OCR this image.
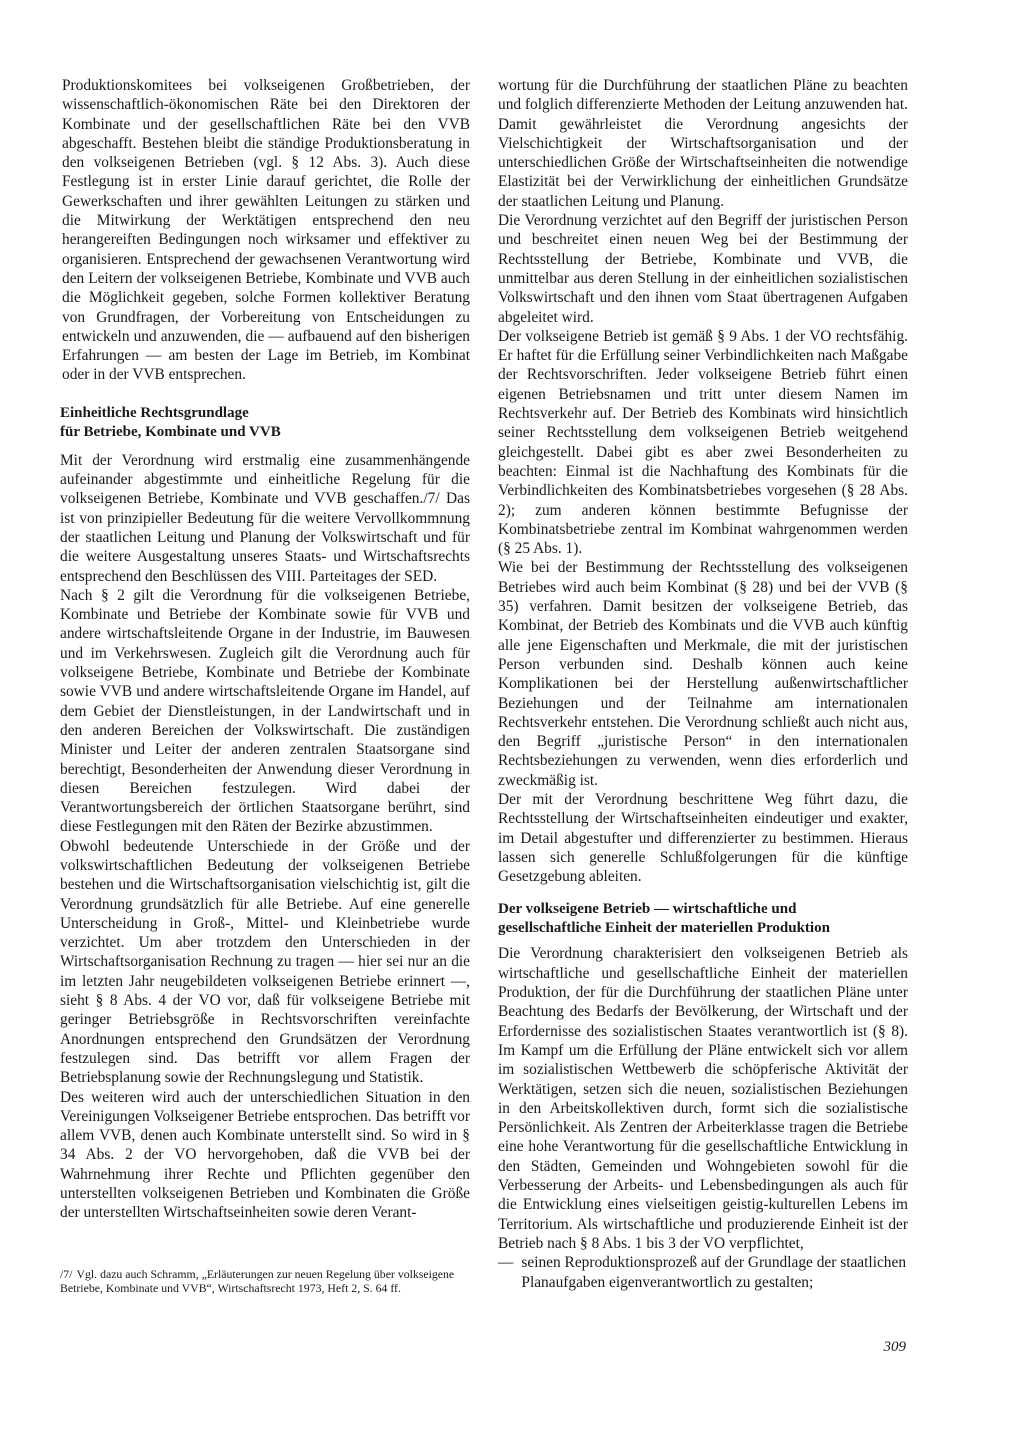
Produktionskomitees bei volkseigenen Großbetrieben, der wissenschaftlich-ökonomischen Räte bei den Direktoren der Kombinate und der gesellschaftlichen Räte bei den VVB abgeschafft. Bestehen bleibt die ständige Produktionsberatung in den volkseigenen Betrieben (vgl. § 12 Abs. 3). Auch diese Festlegung ist in erster Linie darauf gerichtet, die Rolle der Gewerkschaften und ihrer gewählten Leitungen zu stärken und die Mitwirkung der Werktätigen entsprechend den neu herangereiften Bedingungen noch wirksamer und effektiver zu organisieren. Entsprechend der gewachsenen Verantwortung wird den Leitern der volkseigenen Betriebe, Kombinate und VVB auch die Möglichkeit gegeben, solche Formen kollektiver Beratung von Grundfragen, der Vorbereitung von Entscheidungen zu entwickeln und anzuwenden, die — aufbauend auf den bisherigen Erfahrungen — am besten der Lage im Betrieb, im Kombinat oder in der VVB entsprechen.

Einheitliche Rechtsgrundlage

für Betriebe, Kombinate und VVB

Mit der Verordnung wird erstmalig eine zusammenhängende aufeinander abgestimmte und einheitliche Regelung für die volkseigenen Betriebe, Kombinate und VVB geschaffen./7/ Das ist von prinzipieller Bedeutung für die weitere Vervollkommnung der staatlichen Leitung und Planung der Volkswirtschaft und für die weitere Ausgestaltung unseres Staats- und Wirtschaftsrechts entsprechend den Beschlüssen des VIII. Parteitages der SED.

Nach § 2 gilt die Verordnung für die volkseigenen Betriebe, Kombinate und Betriebe der Kombinate sowie für VVB und andere wirtschaftsleitende Organe in der Industrie, im Bauwesen und im Verkehrswesen. Zugleich gilt die Verordnung auch für volkseigene Betriebe, Kombinate und Betriebe der Kombinate sowie VVB und andere wirtschaftsleitende Organe im Handel, auf dem Gebiet der Dienstleistungen, in der Landwirtschaft und in den anderen Bereichen der Volkswirtschaft. Die zuständigen Minister und Leiter der anderen zentralen Staatsorgane sind berechtigt, Besonderheiten der Anwendung dieser Verordnung in diesen Bereichen festzulegen. Wird dabei der Verantwortungsbereich der örtlichen Staatsorgane berührt, sind diese Festlegungen mit den Räten der Bezirke abzustimmen.

Obwohl bedeutende Unterschiede in der Größe und der volkswirtschaftlichen Bedeutung der volkseigenen Betriebe bestehen und die Wirtschaftsorganisation vielschichtig ist, gilt die Verordnung grundsätzlich für alle Betriebe. Auf eine generelle Unterscheidung in Groß-, Mittel- und Kleinbetriebe wurde verzichtet. Um aber trotzdem den Unterschieden in der Wirtschaftsorganisation Rechnung zu tragen — hier sei nur an die im letzten Jahr neugebildeten volkseigenen Betriebe erinnert —, sieht § 8 Abs. 4 der VO vor, daß für volkseigene Betriebe mit geringer Betriebsgröße in Rechtsvorschriften vereinfachte Anordnungen entsprechend den Grundsätzen der Verordnung festzulegen sind. Das betrifft vor allem Fragen der Betriebsplanung sowie der Rechnungslegung und Statistik.

Des weiteren wird auch der unterschiedlichen Situation in den Vereinigungen Volkseigener Betriebe entsprochen. Das betrifft vor allem VVB, denen auch Kombinate unterstellt sind. So wird in § 34 Abs. 2 der VO hervorgehoben, daß die VVB bei der Wahrnehmung ihrer Rechte und Pflichten gegenüber den unterstellten volkseigenen Betrieben und Kombinaten die Größe der unterstellten Wirtschaftseinheiten sowie deren Verant-

/7/ Vgl. dazu auch Schramm, „Erläuterungen zur neuen Regelung über volkseigene Betriebe, Kombinate und VVB“, Wirtschaftsrecht 1973, Heft 2, S. 64 ff.

wortung für die Durchführung der staatlichen Pläne zu beachten und folglich differenzierte Methoden der Leitung anzuwenden hat. Damit gewährleistet die Verordnung angesichts der Vielschichtigkeit der Wirtschaftsorganisation und der unterschiedlichen Größe der Wirtschaftseinheiten die notwendige Elastizität bei der Verwirklichung der einheitlichen Grundsätze der staatlichen Leitung und Planung.

Die Verordnung verzichtet auf den Begriff der juristischen Person und beschreitet einen neuen Weg bei der Bestimmung der Rechtsstellung der Betriebe, Kombinate und VVB, die unmittelbar aus deren Stellung in der einheitlichen sozialistischen Volkswirtschaft und den ihnen vom Staat übertragenen Aufgaben abgeleitet wird.

Der volkseigene Betrieb ist gemäß § 9 Abs. 1 der VO rechtsfähig. Er haftet für die Erfüllung seiner Verbindlichkeiten nach Maßgabe der Rechtsvorschriften. Jeder volkseigene Betrieb führt einen eigenen Betriebsnamen und tritt unter diesem Namen im Rechtsverkehr auf. Der Betrieb des Kombinats wird hinsichtlich seiner Rechtsstellung dem volkseigenen Betrieb weitgehend gleichgestellt. Dabei gibt es aber zwei Besonderheiten zu beachten: Einmal ist die Nachhaftung des Kombinats für die Verbindlichkeiten des Kombinatsbetriebes vorgesehen (§ 28 Abs. 2); zum anderen können bestimmte Befugnisse der Kombinatsbetriebe zentral im Kombinat wahrgenommen werden (§ 25 Abs. 1).

Wie bei der Bestimmung der Rechtsstellung des volkseigenen Betriebes wird auch beim Kombinat (§ 28) und bei der VVB (§ 35) verfahren. Damit besitzen der volkseigene Betrieb, das Kombinat, der Betrieb des Kombinats und die VVB auch künftig alle jene Eigenschaften und Merkmale, die mit der juristischen Person verbunden sind. Deshalb können auch keine Komplikationen bei der Herstellung außenwirtschaftlicher Beziehungen und der Teilnahme am internationalen Rechtsverkehr entstehen. Die Verordnung schließt auch nicht aus, den Begriff „juristische Person“ in den internationalen Rechtsbeziehungen zu verwenden, wenn dies erforderlich und zweckmäßig ist.

Der mit der Verordnung beschrittene Weg führt dazu, die Rechtsstellung der Wirtschaftseinheiten eindeutiger und exakter, im Detail abgestufter und differenzierter zu bestimmen. Hieraus lassen sich generelle Schlußfolgerungen für die künftige Gesetzgebung ableiten.

Der volkseigene Betrieb — wirtschaftliche und

gesellschaftliche Einheit der materiellen Produktion

Die Verordnung charakterisiert den volkseigenen Betrieb als wirtschaftliche und gesellschaftliche Einheit der materiellen Produktion, der für die Durchführung der staatlichen Pläne unter Beachtung des Bedarfs der Bevölkerung, der Wirtschaft und der Erfordernisse des sozialistischen Staates verantwortlich ist (§ 8). Im Kampf um die Erfüllung der Pläne entwickelt sich vor allem im sozialistischen Wettbewerb die schöpferische Aktivität der Werktätigen, setzen sich die neuen, sozialistischen Beziehungen in den Arbeitskollektiven durch, formt sich die sozialistische Persönlichkeit. Als Zentren der Arbeiterklasse tragen die Betriebe eine hohe Verantwortung für die gesellschaftliche Entwicklung in den Städten, Gemeinden und Wohngebieten sowohl für die Verbesserung der Arbeits- und Lebensbedingungen als auch für die Entwicklung eines vielseitigen geistig-kulturellen Lebens im Territorium. Als wirtschaftliche und produzierende Einheit ist der Betrieb nach § 8 Abs. 1 bis 3 der VO verpflichtet,

— seinen Reproduktionsprozeß auf der Grundlage der staatlichen Planaufgaben eigenverantwortlich zu gestalten;
309
